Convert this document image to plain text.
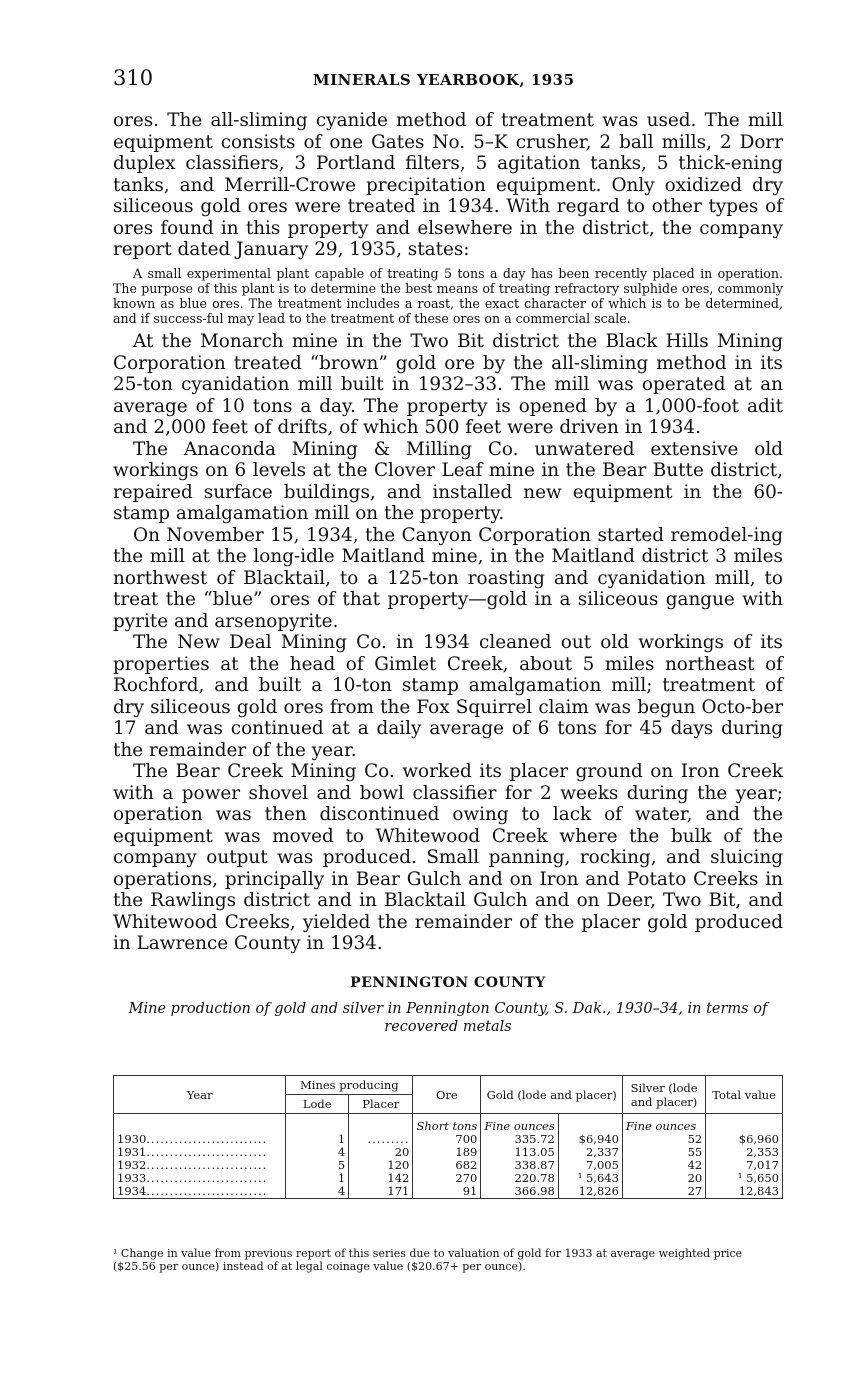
310	MINERALS YEARBOOK, 1935

ores. The all-sliming cyanide method of treatment was used. The mill equipment consists of one Gates No. 5–K crusher, 2 ball mills, 2 Dorr duplex classifiers, 3 Portland filters, 5 agitation tanks, 5 thick-ening tanks, and Merrill-Crowe precipitation equipment. Only oxidized dry siliceous gold ores were treated in 1934. With regard to other types of ores found in this property and elsewhere in the district, the company report dated January 29, 1935, states:

A small experimental plant capable of treating 5 tons a day has been recently placed in operation. The purpose of this plant is to determine the best means of treating refractory sulphide ores, commonly known as blue ores. The treatment includes a roast, the exact character of which is to be determined, and if success-ful may lead to the treatment of these ores on a commercial scale.

At the Monarch mine in the Two Bit district the Black Hills Mining Corporation treated “brown” gold ore by the all-sliming method in its 25-ton cyanidation mill built in 1932–33. The mill was operated at an average of 10 tons a day. The property is opened by a 1,000-foot adit and 2,000 feet of drifts, of which 500 feet were driven in 1934.

The Anaconda Mining & Milling Co. unwatered extensive old workings on 6 levels at the Clover Leaf mine in the Bear Butte district, repaired surface buildings, and installed new equipment in the 60-stamp amalgamation mill on the property.

On November 15, 1934, the Canyon Corporation started remodel-ing the mill at the long-idle Maitland mine, in the Maitland district 3 miles northwest of Blacktail, to a 125-ton roasting and cyanidation mill, to treat the “blue” ores of that property—gold in a siliceous gangue with pyrite and arsenopyrite.

The New Deal Mining Co. in 1934 cleaned out old workings of its properties at the head of Gimlet Creek, about 5 miles northeast of Rochford, and built a 10-ton stamp amalgamation mill; treatment of dry siliceous gold ores from the Fox Squirrel claim was begun Octo-ber 17 and was continued at a daily average of 6 tons for 45 days during the remainder of the year.

The Bear Creek Mining Co. worked its placer ground on Iron Creek with a power shovel and bowl classifier for 2 weeks during the year; operation was then discontinued owing to lack of water, and the equipment was moved to Whitewood Creek where the bulk of the company output was produced. Small panning, rocking, and sluicing operations, principally in Bear Gulch and on Iron and Potato Creeks in the Rawlings district and in Blacktail Gulch and on Deer, Two Bit, and Whitewood Creeks, yielded the remainder of the placer gold produced in Lawrence County in 1934.

PENNINGTON COUNTY
Mine production of gold and silver in Pennington County, S. Dak., 1930–34, in terms of recovered metals
Year	Mines producing		Ore	Gold (lode and placer)		Silver (lode and placer)	Total value
	Lode	Placer					
			Short tons	Fine ounces		Fine ounces	
1930..........................	1	.........	700	335.72	$6,940	52	$6,960
1931..........................	4	20	189	113.05	2,337	55	2,353
1932..........................	5	120	682	338.87	7,005	42	7,017
1933..........................	1	142	270	220.78	¹ 5,643	20	¹ 5,650
1934..........................	4	171	91	366.98	12,826	27	12,843
¹ Change in value from previous report of this series due to valuation of gold for 1933 at average weighted price ($25.56 per ounce) instead of at legal coinage value ($20.67+ per ounce).
